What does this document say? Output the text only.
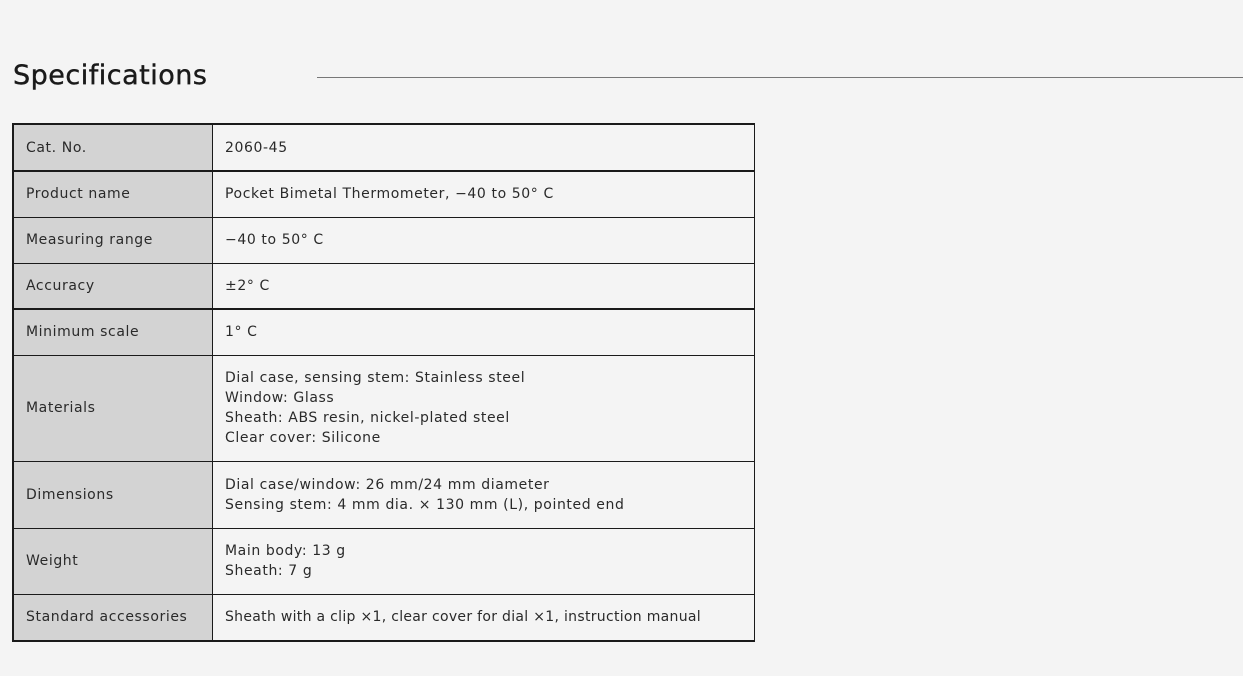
Specifications
Cat. No.	2060-45

Product name	Pocket Bimetal Thermometer, −40 to 50° C

Measuring range	−40 to 50° C

Accuracy	±2° C

Minimum scale	1° C

Materials	Dial case, sensing stem: Stainless steel
Window: Glass
Sheath: ABS resin, nickel-plated steel
Clear cover: Silicone

Dimensions	Dial case/window: 26 mm/24 mm diameter
Sensing stem: 4 mm dia. × 130 mm (L), pointed end

Weight	Main body: 13 g
Sheath: 7 g

Standard accessories	Sheath with a clip ×1, clear cover for dial ×1, instruction manual
